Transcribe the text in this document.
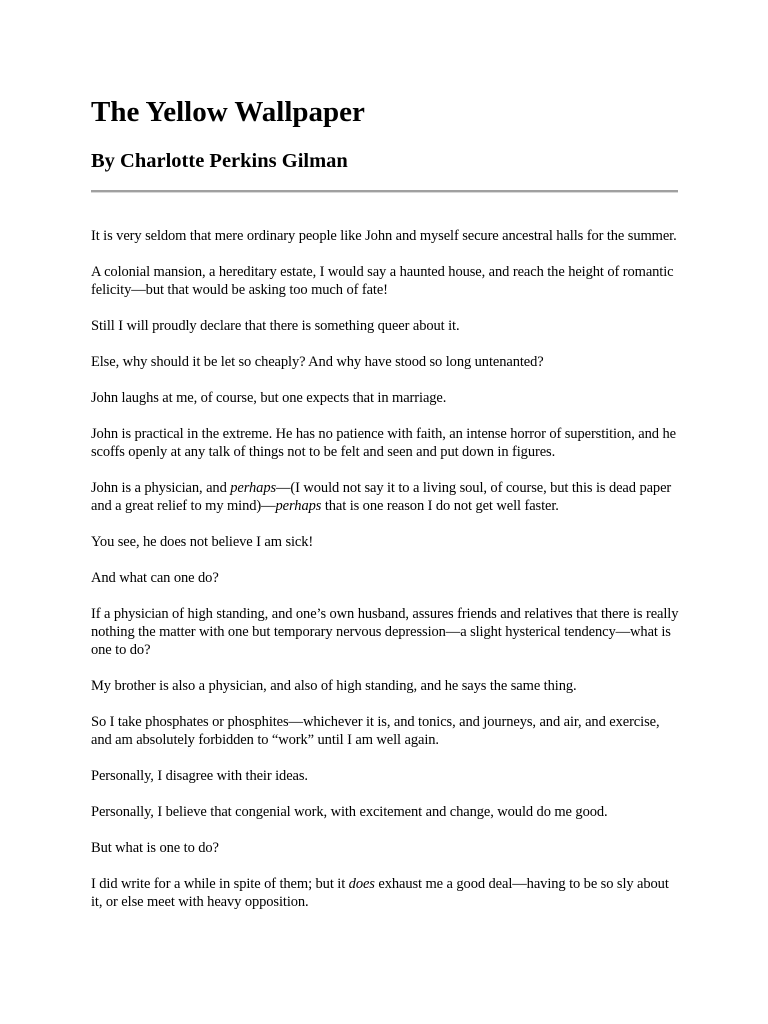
The Yellow Wallpaper
By Charlotte Perkins Gilman

It is very seldom that mere ordinary people like John and myself secure ancestral halls for the summer.

A colonial mansion, a hereditary estate, I would say a haunted house, and reach the height of romantic felicity—but that would be asking too much of fate!

Still I will proudly declare that there is something queer about it.

Else, why should it be let so cheaply? And why have stood so long untenanted?

John laughs at me, of course, but one expects that in marriage.

John is practical in the extreme. He has no patience with faith, an intense horror of superstition, and he scoffs openly at any talk of things not to be felt and seen and put down in figures.

John is a physician, and perhaps—(I would not say it to a living soul, of course, but this is dead paper and a great relief to my mind)—perhaps that is one reason I do not get well faster.

You see, he does not believe I am sick!

And what can one do?

If a physician of high standing, and one’s own husband, assures friends and relatives that there is really nothing the matter with one but temporary nervous depression—a slight hysterical tendency—what is one to do?

My brother is also a physician, and also of high standing, and he says the same thing.

So I take phosphates or phosphites—whichever it is, and tonics, and journeys, and air, and exercise, and am absolutely forbidden to “work” until I am well again.

Personally, I disagree with their ideas.

Personally, I believe that congenial work, with excitement and change, would do me good.

But what is one to do?

I did write for a while in spite of them; but it does exhaust me a good deal—having to be so sly about it, or else meet with heavy opposition.
